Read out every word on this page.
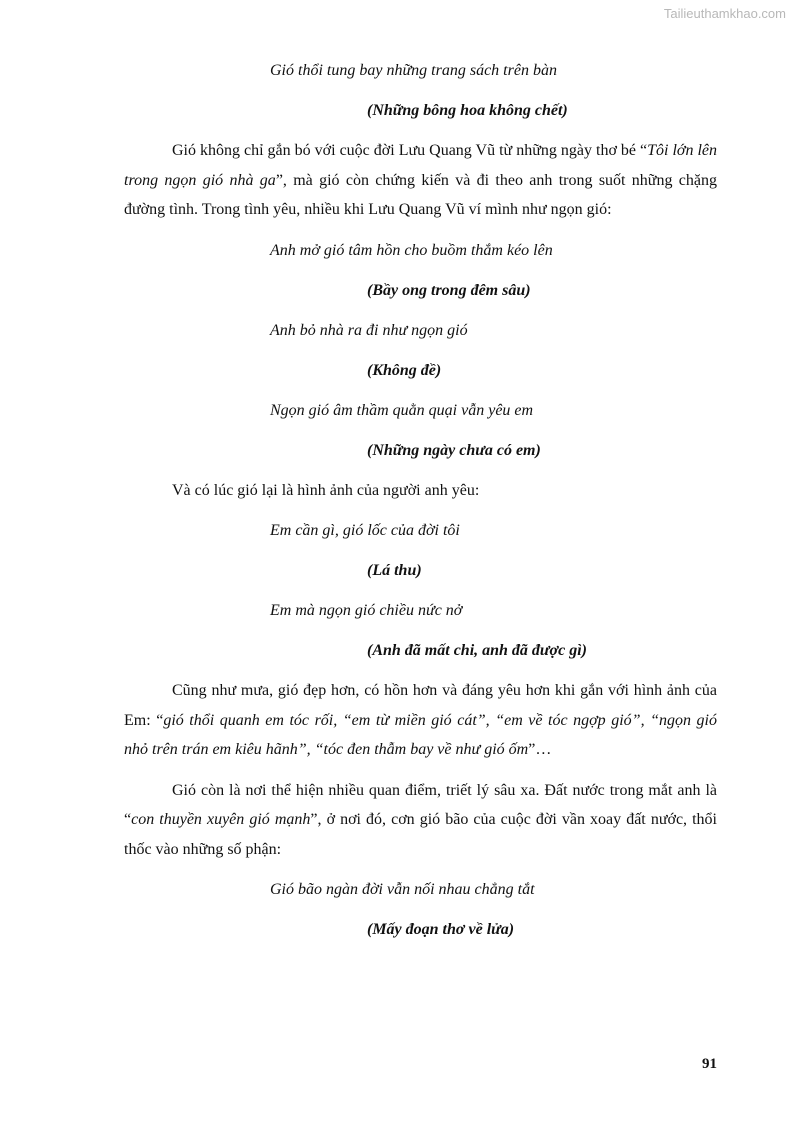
Tailieuthamkhao.com

Gió thổi tung bay những trang sách trên bàn

(Những bông hoa không chết)

Gió không chỉ gắn bó với cuộc đời Lưu Quang Vũ từ những ngày thơ bé “Tôi lớn lên trong ngọn gió nhà ga”, mà gió còn chứng kiến và đi theo anh trong suốt những chặng đường tình. Trong tình yêu, nhiều khi Lưu Quang Vũ ví mình như ngọn gió:

Anh mở gió tâm hồn cho buồm thắm kéo lên

(Bầy ong trong đêm sâu)

Anh bỏ nhà ra đi như ngọn gió

(Không đề)

Ngọn gió âm thầm quằn quại vẫn yêu em

(Những ngày chưa có em)

Và có lúc gió lại là hình ảnh của người anh yêu:

Em cần gì, gió lốc của đời tôi

(Lá thu)

Em mà ngọn gió chiều nức nở

(Anh đã mất chi, anh đã được gì)

Cũng như mưa, gió đẹp hơn, có hồn hơn và đáng yêu hơn khi gắn với hình ảnh của Em: “gió thổi quanh em tóc rối, “em từ miền gió cát”, “em về tóc ngợp gió”, “ngọn gió nhỏ trên trán em kiêu hãnh”, “tóc đen thẫm bay về như gió ốm”…

Gió còn là nơi thể hiện nhiều quan điểm, triết lý sâu xa. Đất nước trong mắt anh là “con thuyền xuyên gió mạnh”, ở nơi đó, cơn gió bão của cuộc đời vần xoay đất nước, thổi thốc vào những số phận:

Gió bão ngàn đời vẫn nối nhau chẳng tắt

(Mấy đoạn thơ về lửa)

91
